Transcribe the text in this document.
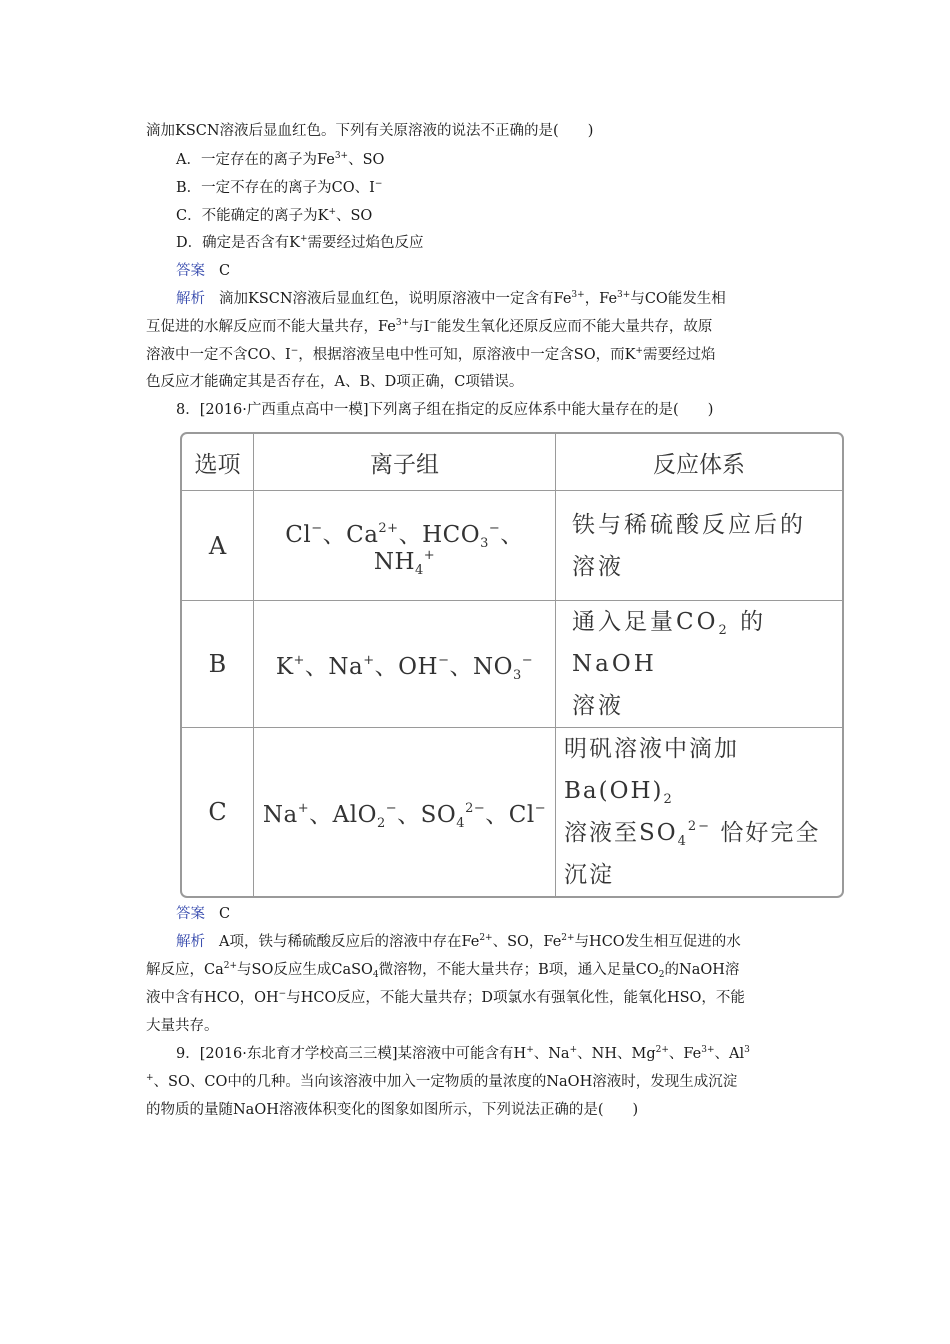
滴加KSCN溶液后显血红色。下列有关原溶液的说法不正确的是(　　)
A．一定存在的离子为$Fe^{3+}$、SO
B．一定不存在的离子为CO、I−
C．不能确定的离子为K+、SO
D．确定是否含有K+需要经过焰色反应
答案 C
解析 滴加KSCN溶液后显血红色，说明原溶液中一定含有$Fe^{3+}$，$Fe^{3+}$与CO能发生相
互促进的水解反应而不能大量共存，$Fe^{3+}$与I−能发生氧化还原反应而不能大量共存，故原
溶液中一定不含CO、I−，根据溶液呈电中性可知，原溶液中一定含SO，而K+需要经过焰
色反应才能确定其是否存在，A、B、D项正确，C项错误。
8．[2016·广西重点高中一模]下列离子组在指定的反应体系中能大量存在的是(　　)
选项	离子组	反应体系
A	Cl−、$Ca^{2+}$、$HCO_3^-$、$NH_4^+$	铁与稀硫酸反应后的
溶液

B	K+、Na+、OH−、$NO_3^-$	通入足量$CO_2$ 的NaOH
溶液

C	Na+、AlO$_2$−、$SO_4^{2-}$、Cl−	明矾溶液中滴加$Ba(OH)_2$
溶液至$SO_4^{2-}$ 恰好完全
沉淀

答案 C
解析 A项，铁与稀硫酸反应后的溶液中存在$Fe^{2+}$、SO，$Fe^{2+}$与HCO发生相互促进的水
解反应，$Ca^{2+}$与SO反应生成CaSO$_4$微溶物，不能大量共存；B项，通入足量$CO_2$的NaOH溶
液中含有HCO，OH−与HCO反应，不能大量共存；D项氯水有强氧化性，能氧化HSO，不能
大量共存。
9．[2016·东北育才学校高三三模]某溶液中可能含有H+、Na+、NH、$Mg^{2+}$、$Fe^{3+}$、Al$^3$
+、SO、CO中的几种。当向该溶液中加入一定物质的量浓度的NaOH溶液时，发现生成沉淀
的物质的量随NaOH溶液体积变化的图象如图所示，下列说法正确的是(　　)
